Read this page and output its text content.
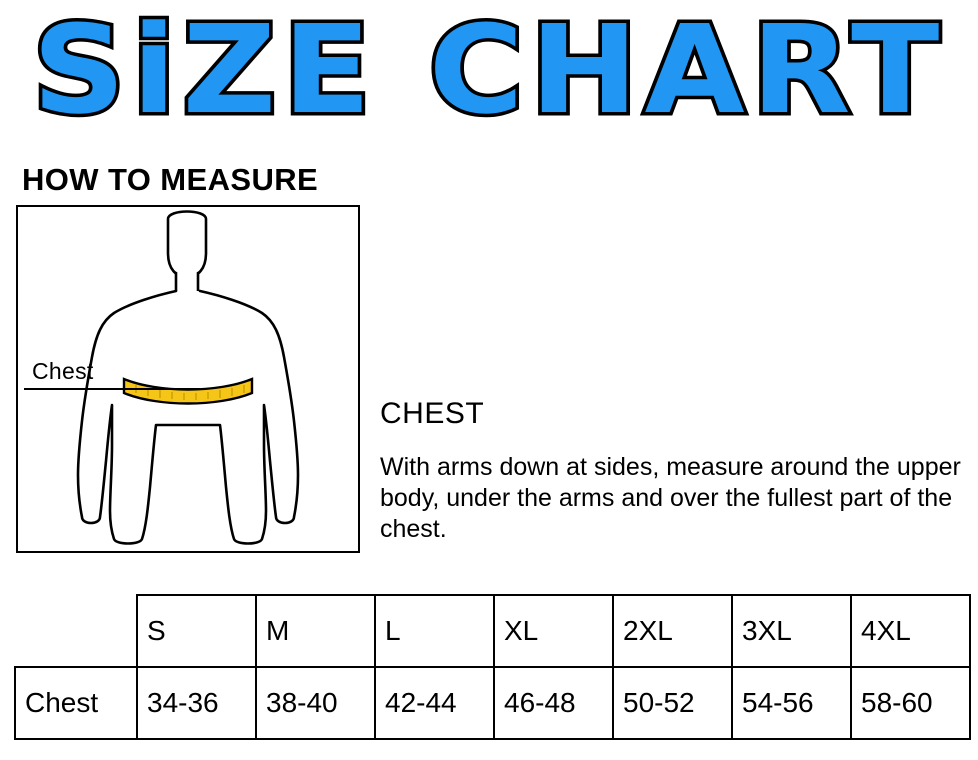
SiZE CHART
HOW TO MEASURE
Chest
CHEST
With arms down at sides, measure around the upper body, under the arms and over the fullest part of the chest.
	S	M	L	XL	2XL	3XL	4XL
Chest	34-36	38-40	42-44	46-48	50-52	54-56	58-60
